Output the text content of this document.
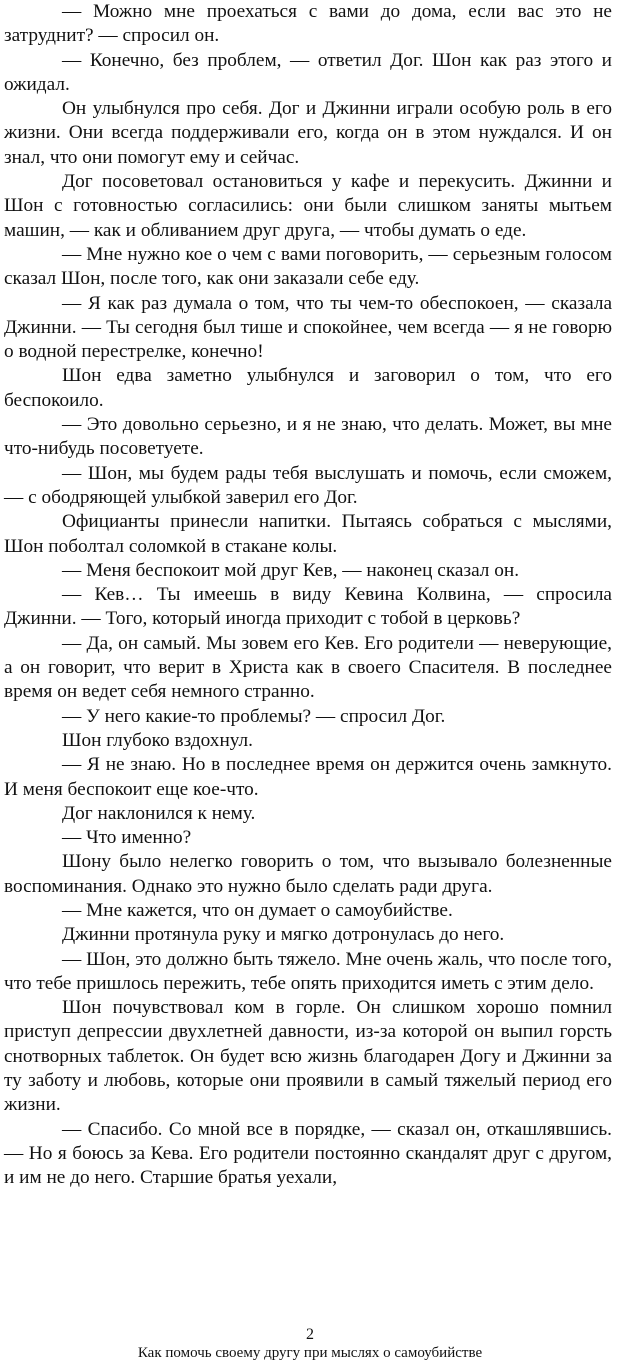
— Можно мне проехаться с вами до дома, если вас это не затруднит? — спросил он.

— Конечно, без проблем, — ответил Дог. Шон как раз этого и ожидал.

Он улыбнулся про себя. Дог и Джинни играли особую роль в его жизни. Они всегда поддерживали его, когда он в этом нуждался. И он знал, что они помогут ему и сейчас.

Дог посоветовал остановиться у кафе и перекусить. Джинни и Шон с готовностью согласились: они были слишком заняты мытьем машин, — как и обливанием друг друга, — чтобы думать о еде.

— Мне нужно кое о чем с вами поговорить, — серьезным голосом сказал Шон, после того, как они заказали себе еду.

— Я как раз думала о том, что ты чем-то обеспокоен, — сказала Джинни. — Ты сегодня был тише и спокойнее, чем всегда — я не говорю о водной перестрелке, конечно!

Шон едва заметно улыбнулся и заговорил о том, что его беспокоило.

— Это довольно серьезно, и я не знаю, что делать. Может, вы мне что-нибудь посоветуете.

— Шон, мы будем рады тебя выслушать и помочь, если сможем, — с ободряющей улыбкой заверил его Дог.

Официанты принесли напитки. Пытаясь собраться с мыслями, Шон поболтал соломкой в стакане колы.

— Меня беспокоит мой друг Кев, — наконец сказал он.

— Кев… Ты имеешь в виду Кевина Колвина, — спросила Джинни. — Того, который иногда приходит с тобой в церковь?

— Да, он самый. Мы зовем его Кев. Его родители — неверующие, а он говорит, что верит в Христа как в своего Спасителя. В последнее время он ведет себя немного странно.

— У него какие-то проблемы? — спросил Дог.

Шон глубоко вздохнул.

— Я не знаю. Но в последнее время он держится очень замкнуто. И меня беспокоит еще кое-что.

Дог наклонился к нему.

— Что именно?

Шону было нелегко говорить о том, что вызывало болезненные воспоминания. Однако это нужно было сделать ради друга.

— Мне кажется, что он думает о самоубийстве.

Джинни протянула руку и мягко дотронулась до него.

— Шон, это должно быть тяжело. Мне очень жаль, что после того, что тебе пришлось пережить, тебе опять приходится иметь с этим дело.

Шон почувствовал ком в горле. Он слишком хорошо помнил приступ депрессии двухлетней давности, из-за которой он выпил горсть снотворных таблеток. Он будет всю жизнь благодарен Догу и Джинни за ту заботу и любовь, которые они проявили в самый тяжелый период его жизни.

— Спасибо. Со мной все в порядке, — сказал он, откашлявшись. — Но я боюсь за Кева. Его родители постоянно скандалят друг с другом, и им не до него. Старшие братья уехали,

2
Как помочь своему другу при мыслях о самоубийстве
